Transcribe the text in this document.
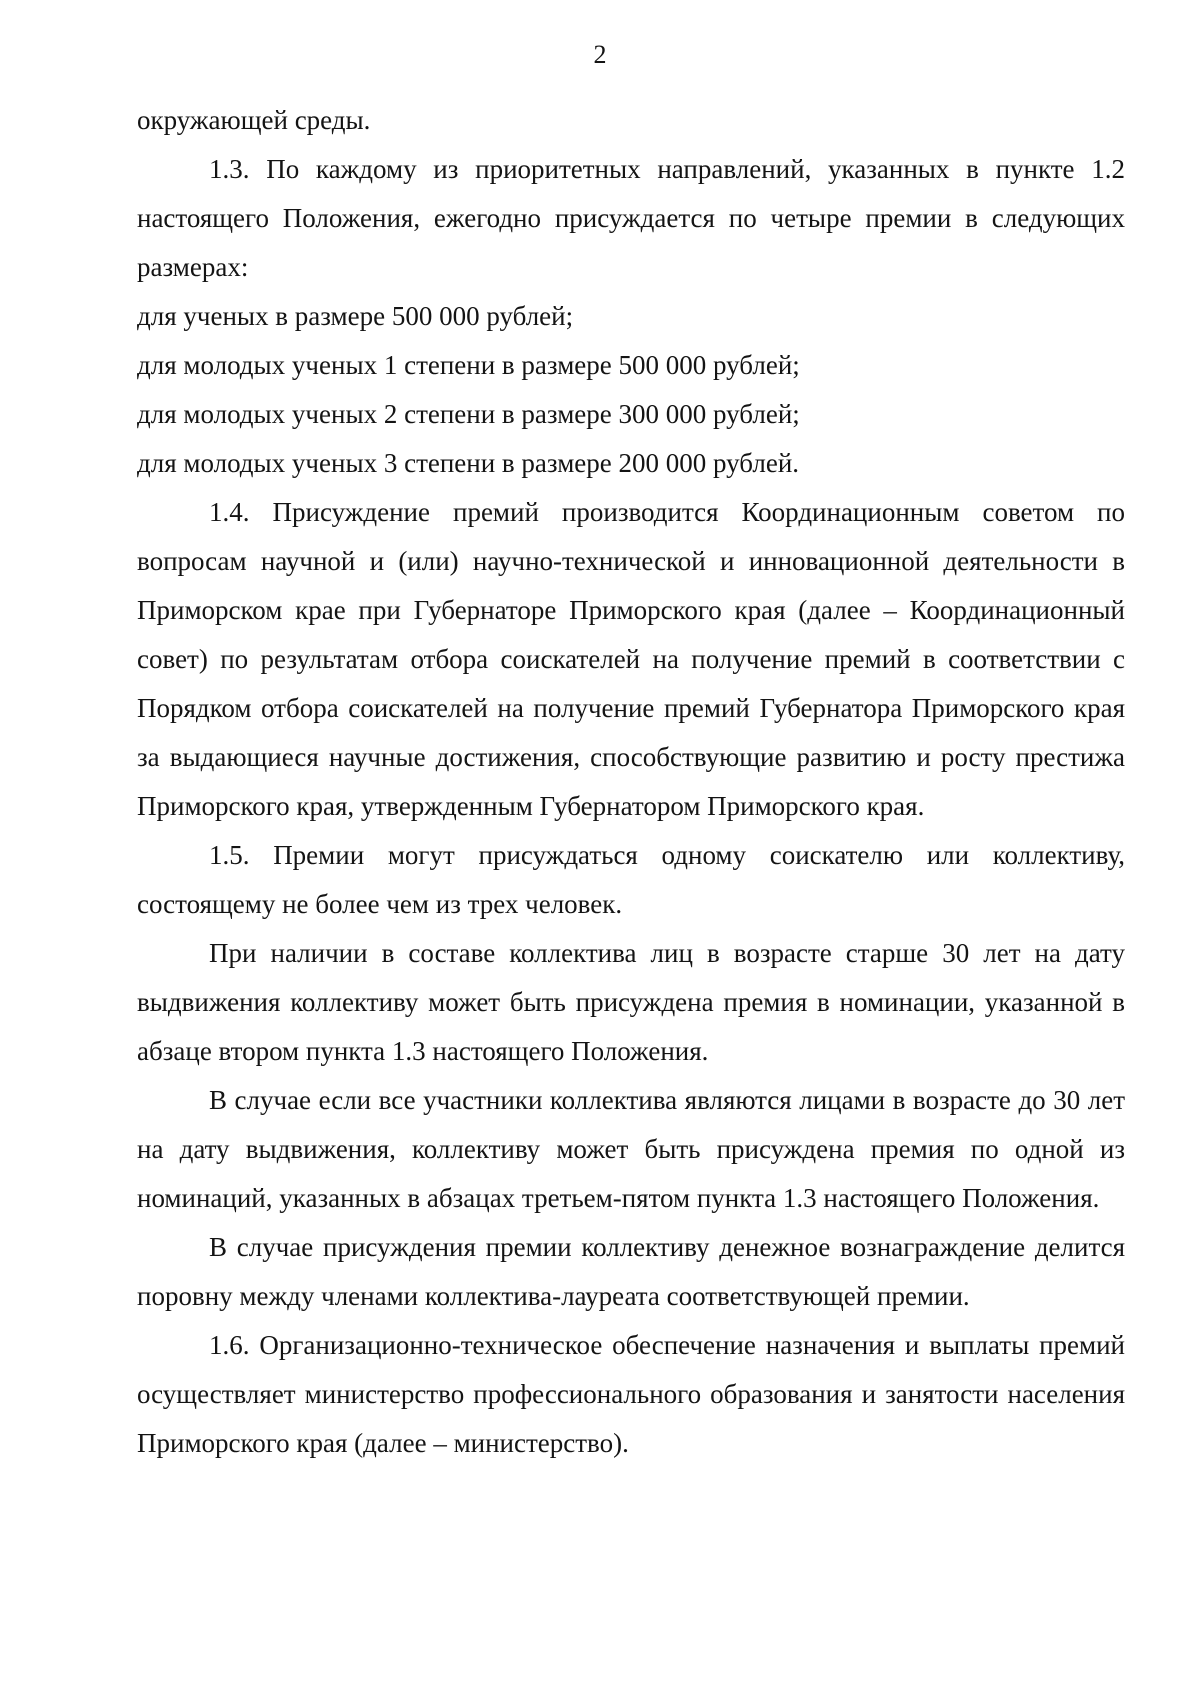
2

окружающей среды.

1.3. По каждому из приоритетных направлений, указанных в пункте 1.2 настоящего Положения, ежегодно присуждается по четыре премии в следующих размерах:

для ученых в размере 500 000 рублей;

для молодых ученых 1 степени в размере 500 000 рублей;

для молодых ученых 2 степени в размере 300 000 рублей;

для молодых ученых 3 степени в размере 200 000 рублей.

1.4. Присуждение премий производится Координационным советом по вопросам научной и (или) научно-технической и инновационной деятельности в Приморском крае при Губернаторе Приморского края (далее – Координационный совет) по результатам отбора соискателей на получение премий в соответствии с Порядком отбора соискателей на получение премий Губернатора Приморского края за выдающиеся научные достижения, способствующие развитию и росту престижа Приморского края, утвержденным Губернатором Приморского края.

1.5. Премии могут присуждаться одному соискателю или коллективу, состоящему не более чем из трех человек.

При наличии в составе коллектива лиц в возрасте старше 30 лет на дату выдвижения коллективу может быть присуждена премия в номинации, указанной в абзаце втором пункта 1.3 настоящего Положения.

В случае если все участники коллектива являются лицами в возрасте до 30 лет на дату выдвижения, коллективу может быть присуждена премия по одной из номинаций, указанных в абзацах третьем-пятом пункта 1.3 настоящего Положения.

В случае присуждения премии коллективу денежное вознаграждение делится поровну между членами коллектива-лауреата соответствующей премии.

1.6. Организационно-техническое обеспечение назначения и выплаты премий осуществляет министерство профессионального образования и занятости населения Приморского края (далее – министерство).
